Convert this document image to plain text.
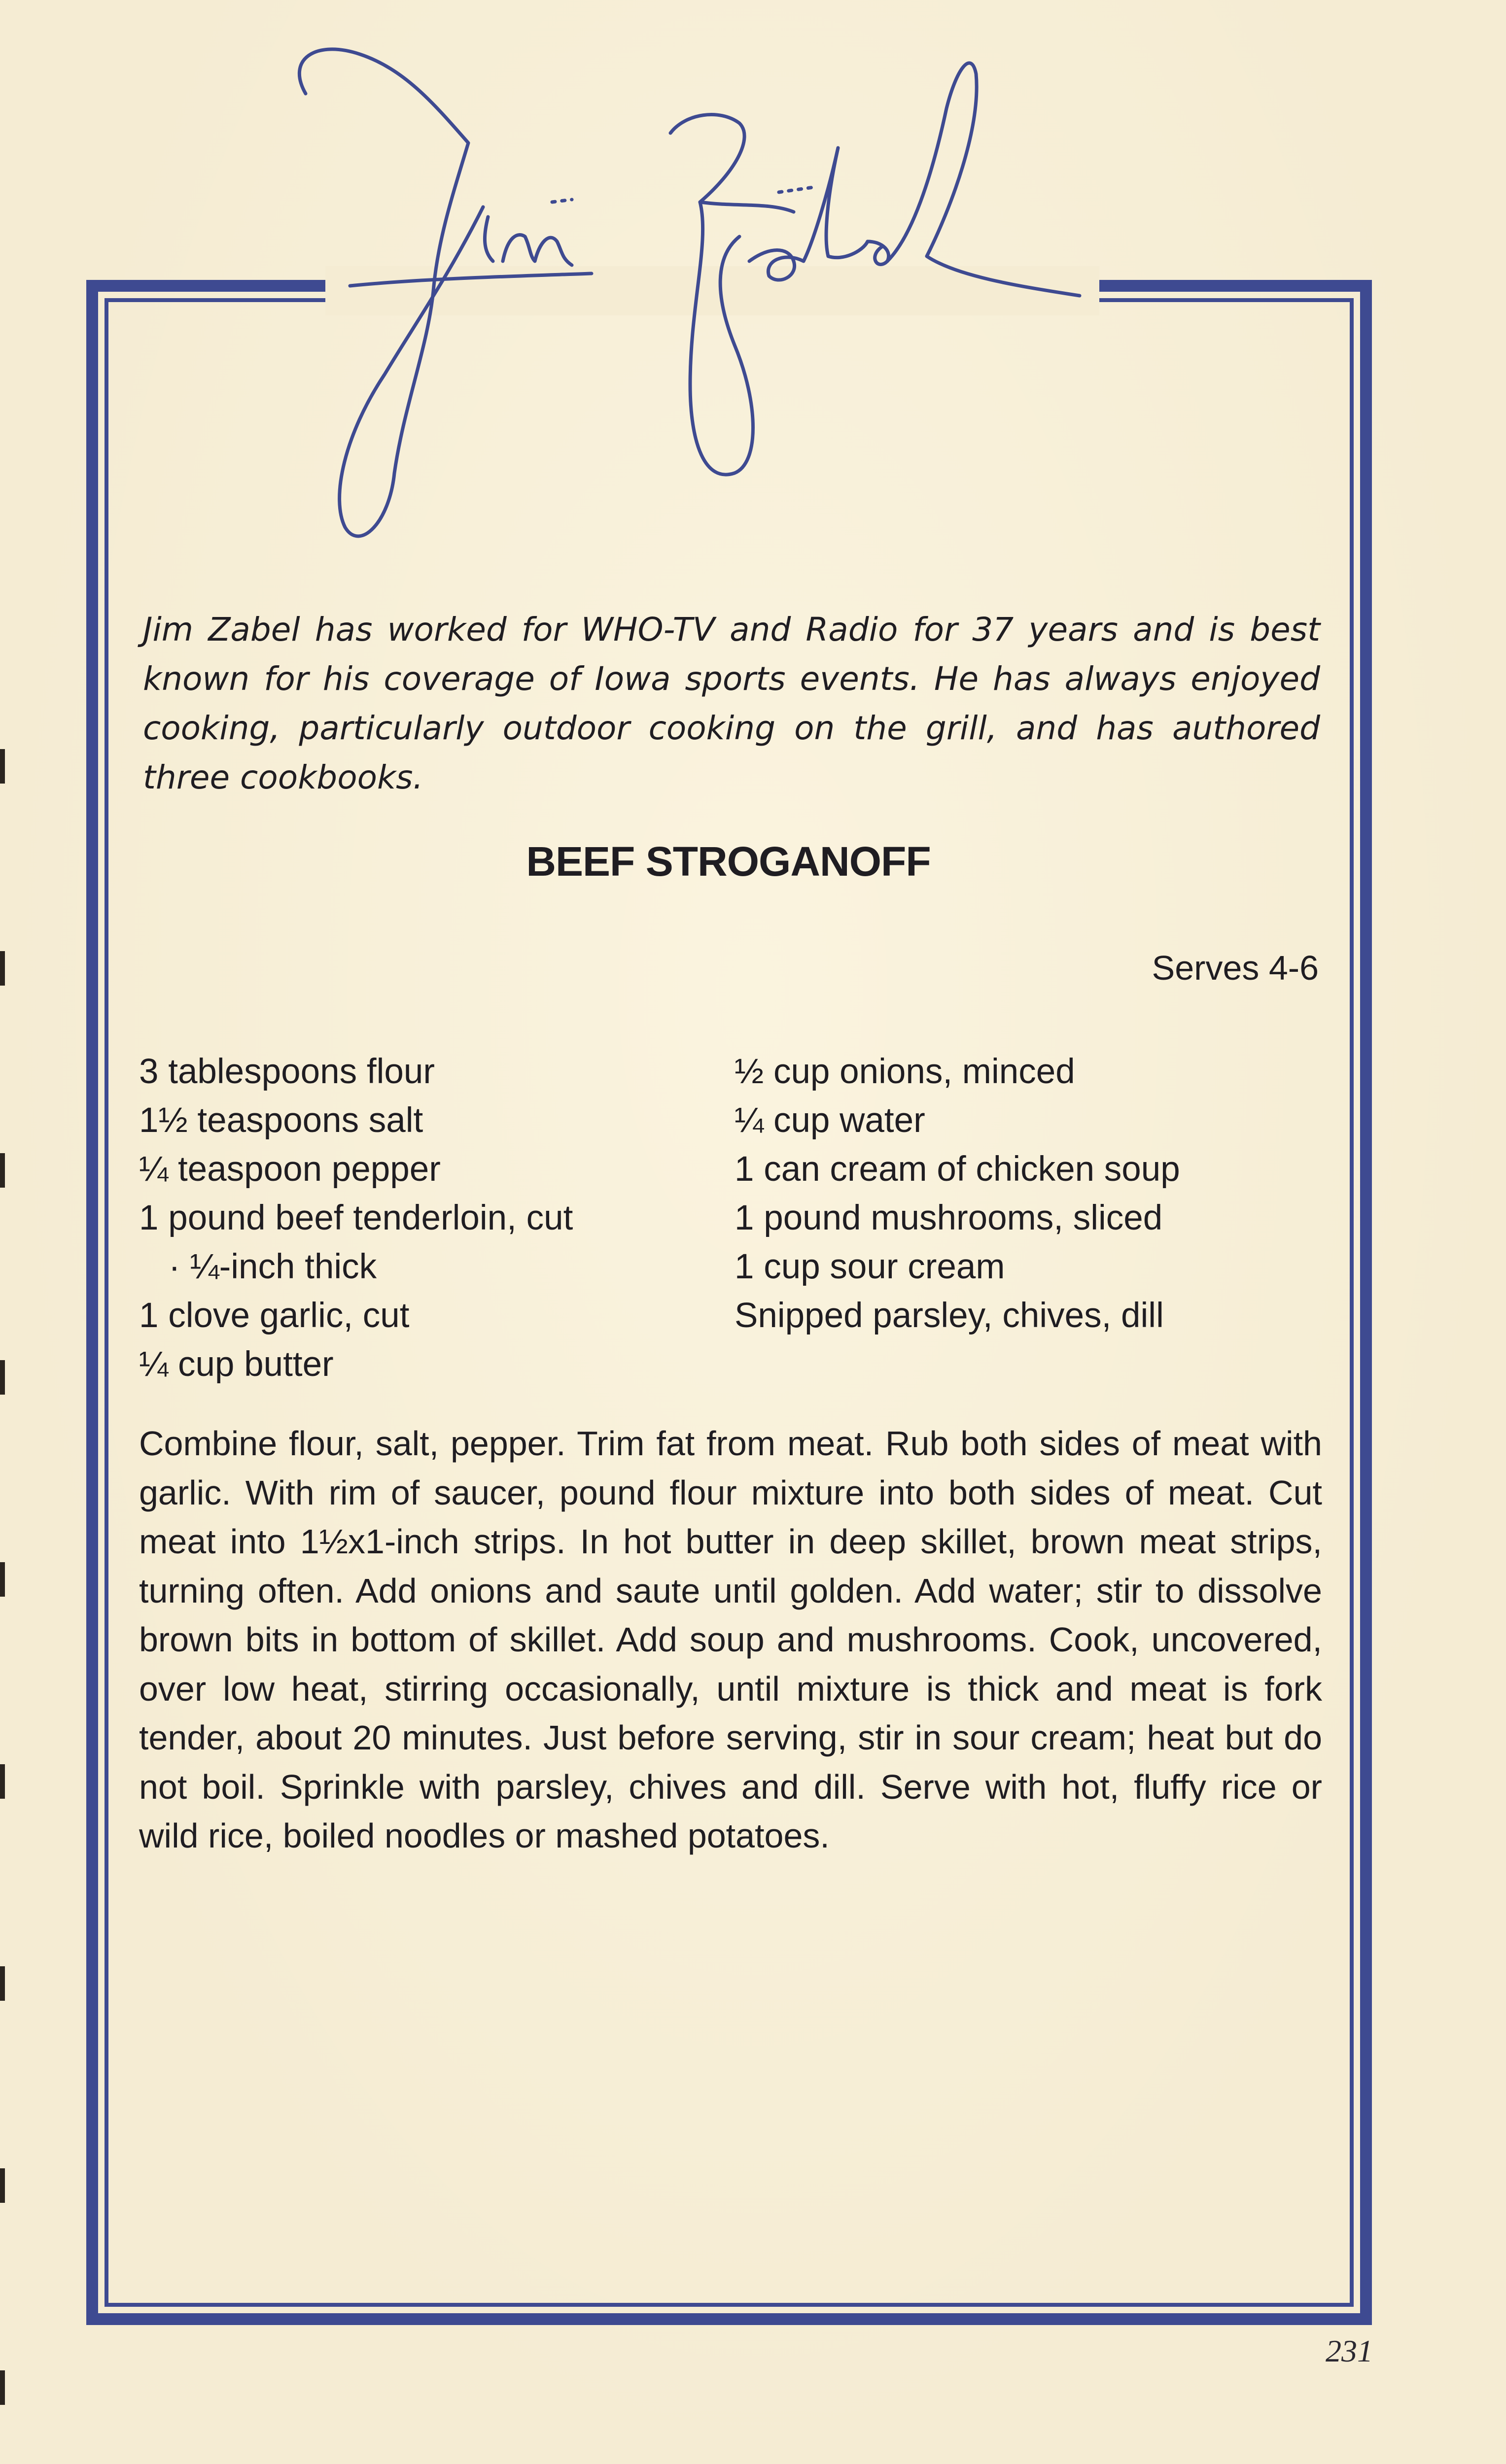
Jim Zabel has worked for WHO-TV and Radio for 37 years and is best known for his coverage of Iowa sports events. He has always enjoyed cooking, particularly outdoor cooking on the grill, and has authored three cookbooks.
BEEF STROGANOFF
Serves 4-6
3 tablespoons flour
1½ teaspoons salt
¼ teaspoon pepper
1 pound beef tenderloin, cut
· ¼-inch thick
1 clove garlic, cut
¼ cup butter
½ cup onions, minced
¼ cup water
1 can cream of chicken soup
1 pound mushrooms, sliced
1 cup sour cream
Snipped parsley, chives, dill
Combine flour, salt, pepper. Trim fat from meat. Rub both sides of meat with garlic. With rim of saucer, pound flour mixture into both sides of meat. Cut meat into 1½x1-inch strips. In hot butter in deep skillet, brown meat strips, turning often. Add onions and saute until golden. Add water; stir to dissolve brown bits in bottom of skillet. Add soup and mushrooms. Cook, uncovered, over low heat, stirring occasionally, until mixture is thick and meat is fork tender, about 20 minutes. Just before serving, stir in sour cream; heat but do not boil. Sprinkle with parsley, chives and dill. Serve with hot, fluffy rice or wild rice, boiled noodles or mashed potatoes.
231
